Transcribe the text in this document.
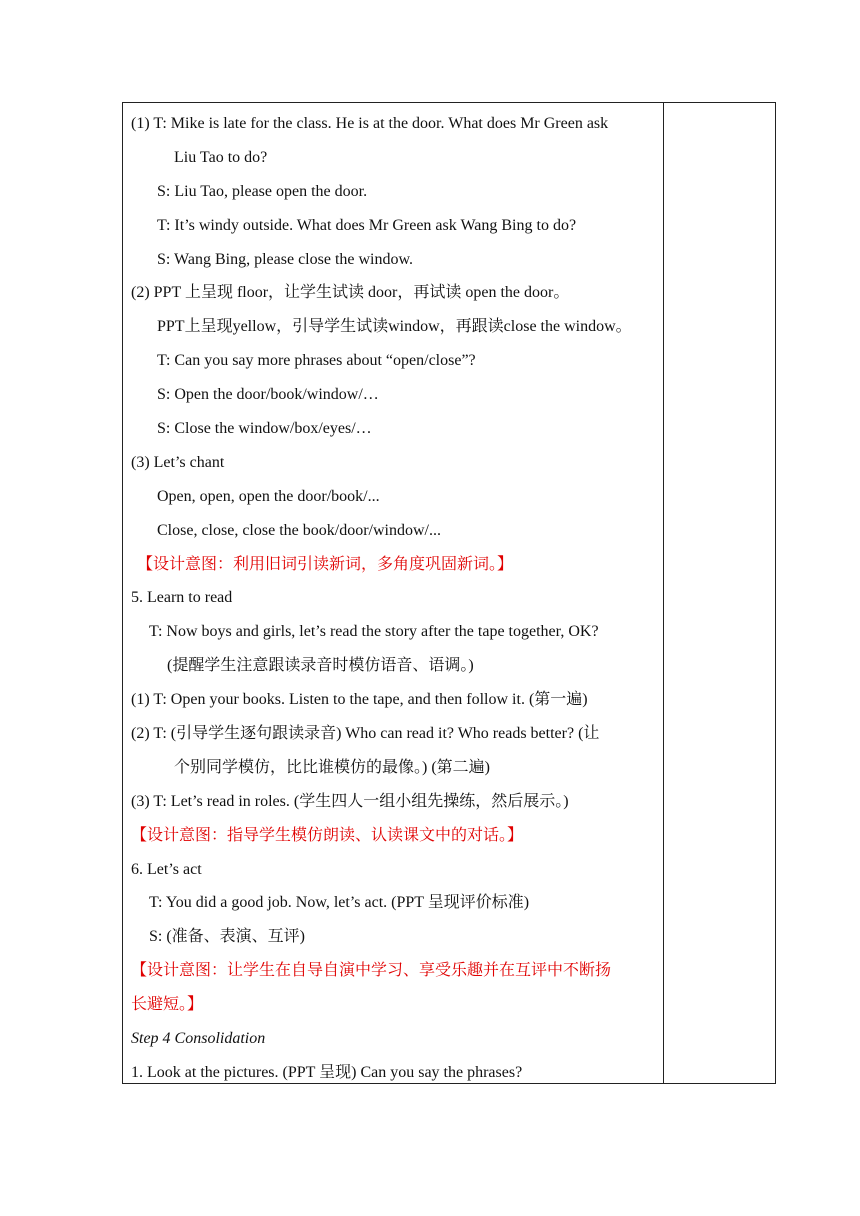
(1) T: Mike is late for the class. He is at the door. What does Mr Green ask
Liu Tao to do?
S: Liu Tao, please open the door.
T: It’s windy outside. What does Mr Green ask Wang Bing to do?
S: Wang Bing, please close the window.
(2) PPT 上呈现 floor，让学生试读 door，再试读 open the door。
PPT上呈现yellow，引导学生试读window，再跟读close the window。
T: Can you say more phrases about “open/close”?
S: Open the door/book/window/…
S: Close the window/box/eyes/…
(3) Let’s chant
Open, open, open the door/book/...
Close, close, close the book/door/window/...
【设计意图：利用旧词引读新词，多角度巩固新词。】
5. Learn to read
T: Now boys and girls, let’s read the story after the tape together, OK?
(提醒学生注意跟读录音时模仿语音、语调。)
(1) T: Open your books. Listen to the tape, and then follow it. (第一遍)
(2) T: (引导学生逐句跟读录音) Who can read it? Who reads better? (让
个别同学模仿，比比谁模仿的最像。) (第二遍)
(3) T: Let’s read in roles. (学生四人一组小组先操练，然后展示。)
【设计意图：指导学生模仿朗读、认读课文中的对话。】
6. Let’s act
T: You did a good job. Now, let’s act. (PPT 呈现评价标准)
S: (准备、表演、互评)
【设计意图：让学生在自导自演中学习、享受乐趣并在互评中不断扬
长避短。】
Step 4 Consolidation
1. Look at the pictures. (PPT 呈现) Can you say the phrases?
